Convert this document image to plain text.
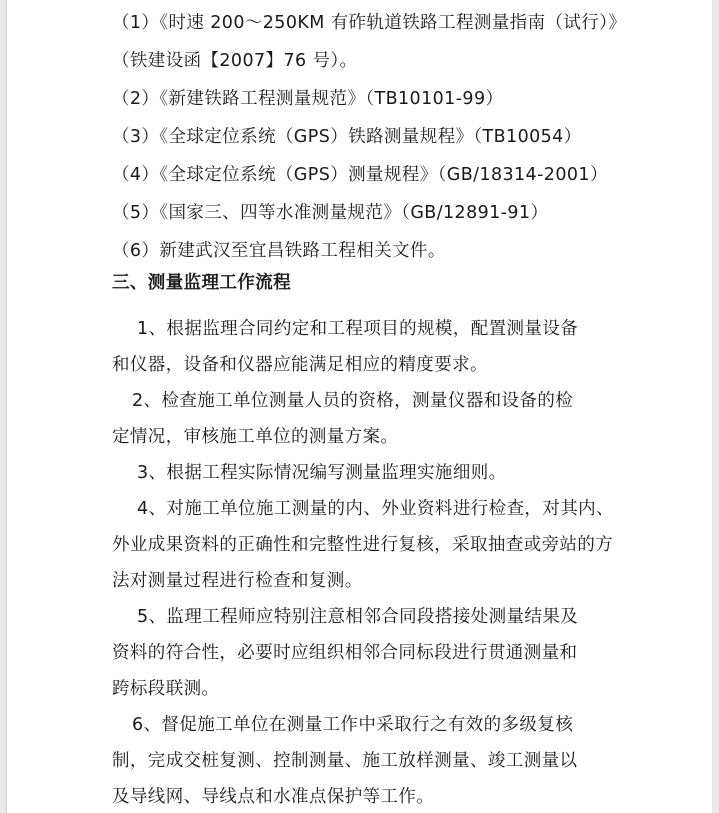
（1）《时速 200～250KM 有砟轨道铁路工程测量指南（试行）》
（铁建设函【2007】76 号）。
（2）《新建铁路工程测量规范》（TB10101-99）
（3）《全球定位系统（GPS）铁路测量规程》（TB10054）
（4）《全球定位系统（GPS）测量规程》（GB/18314-2001）
（5）《国家三、四等水准测量规范》（GB/12891-91）
（6）新建武汉至宜昌铁路工程相关文件。
三、测量监理工作流程
1、根据监理合同约定和工程项目的规模，配置测量设备
和仪器，设备和仪器应能满足相应的精度要求。
2、检查施工单位测量人员的资格，测量仪器和设备的检
定情况，审核施工单位的测量方案。
3、根据工程实际情况编写测量监理实施细则。
4、对施工单位施工测量的内、外业资料进行检查，对其内、
外业成果资料的正确性和完整性进行复核，采取抽查或旁站的方
法对测量过程进行检查和复测。
5、监理工程师应特别注意相邻合同段搭接处测量结果及
资料的符合性，必要时应组织相邻合同标段进行贯通测量和
跨标段联测。
6、督促施工单位在测量工作中采取行之有效的多级复核
制，完成交桩复测、控制测量、施工放样测量、竣工测量以
及导线网、导线点和水准点保护等工作。
